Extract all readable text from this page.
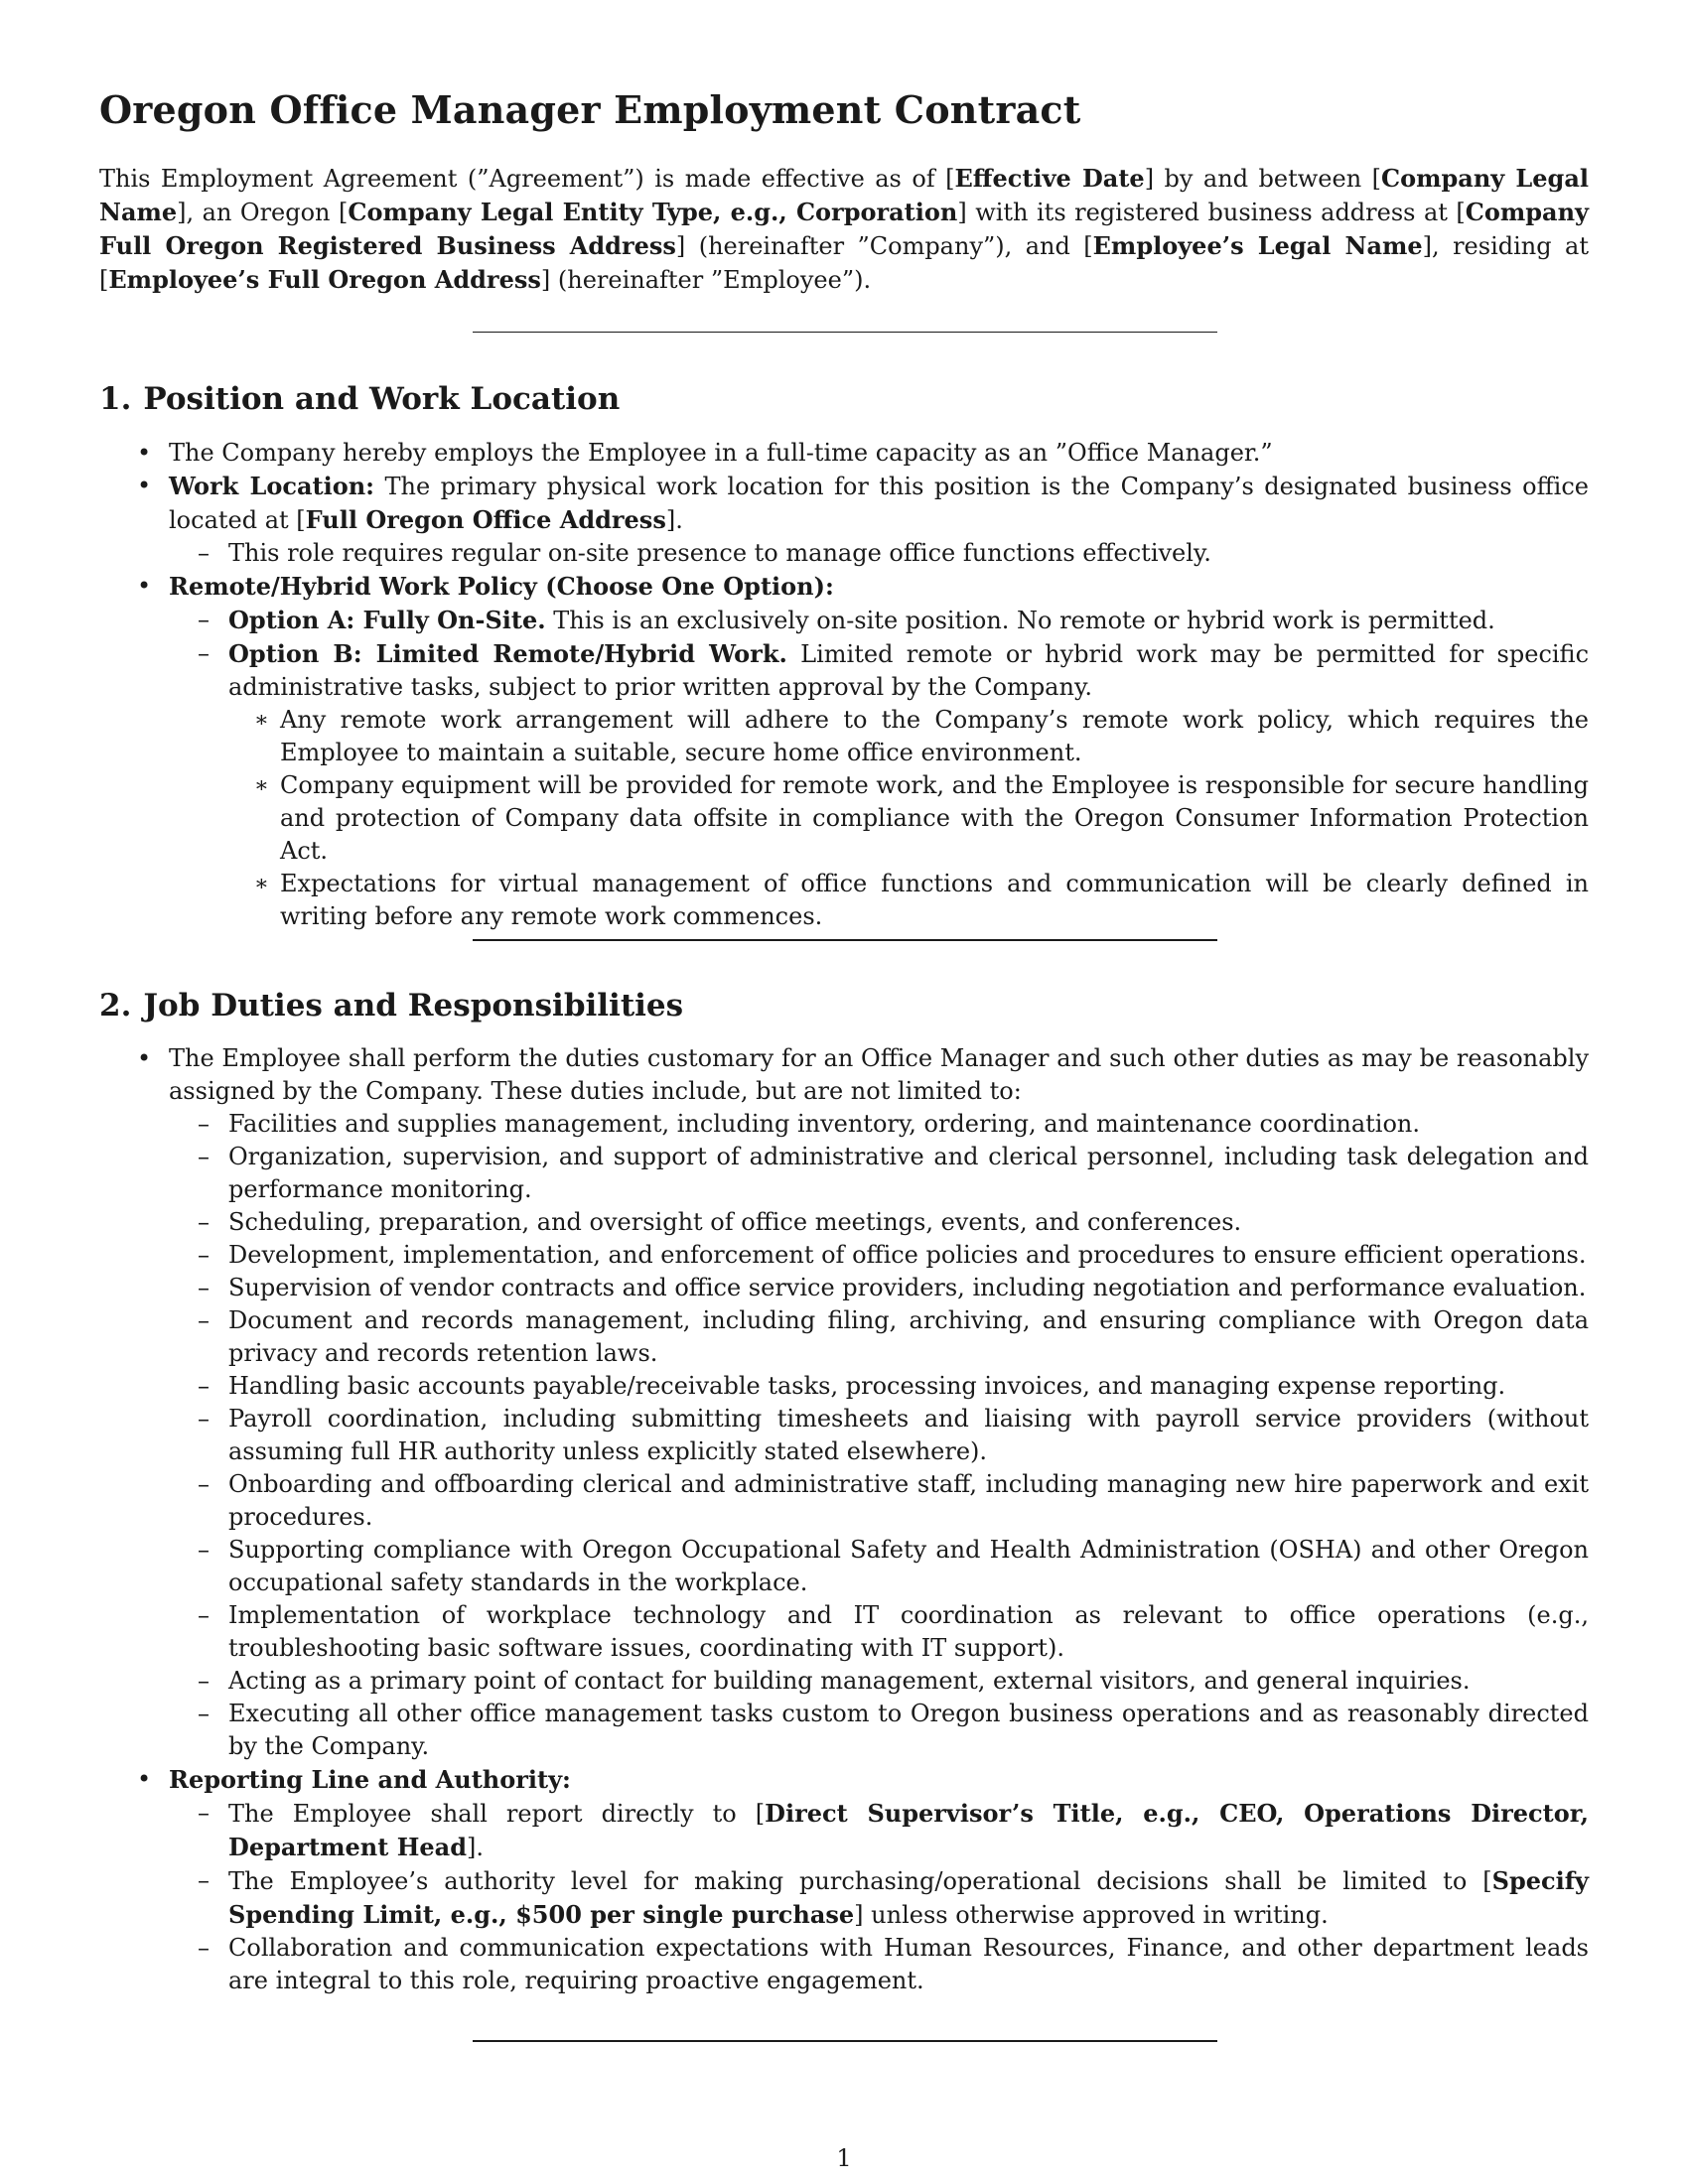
Oregon Office Manager Employment Contract

This Employment Agreement (”Agreement”) is made effective as of [Effective Date] by and between [Company Legal Name], an Oregon [Company Legal Entity Type, e.g., Corporation] with its registered business address at [Company Full Oregon Registered Business Address] (hereinafter ”Company”), and [Employee’s Legal Name], residing at [Employee’s Full Oregon Address] (hereinafter ”Employee”).

1. Position and Work Location
• The Company hereby employs the Employee in a full-time capacity as an ”Office Manager.”
• Work Location: The primary physical work location for this position is the Company’s designated business office located at [Full Oregon Office Address].
– This role requires regular on-site presence to manage office functions effectively.
• Remote/Hybrid Work Policy (Choose One Option):
– Option A: Fully On-Site. This is an exclusively on-site position. No remote or hybrid work is permitted.
– Option B: Limited Remote/Hybrid Work. Limited remote or hybrid work may be permitted for specific administrative tasks, subject to prior written approval by the Company.
∗ Any remote work arrangement will adhere to the Company’s remote work policy, which requires the Employee to maintain a suitable, secure home office environment.
∗ Company equipment will be provided for remote work, and the Employee is responsible for secure handling and protection of Company data offsite in compliance with the Oregon Consumer Information Protection Act.
∗ Expectations for virtual management of office functions and communication will be clearly defined in writing before any remote work commences.
2. Job Duties and Responsibilities
• The Employee shall perform the duties customary for an Office Manager and such other duties as may be reasonably assigned by the Company. These duties include, but are not limited to:
– Facilities and supplies management, including inventory, ordering, and maintenance coordination.
– Organization, supervision, and support of administrative and clerical personnel, including task delegation and performance monitoring.
– Scheduling, preparation, and oversight of office meetings, events, and conferences.
– Development, implementation, and enforcement of office policies and procedures to ensure efficient operations.
– Supervision of vendor contracts and office service providers, including negotiation and performance evaluation.
– Document and records management, including filing, archiving, and ensuring compliance with Oregon data privacy and records retention laws.
– Handling basic accounts payable/receivable tasks, processing invoices, and managing expense reporting.
– Payroll coordination, including submitting timesheets and liaising with payroll service providers (without assuming full HR authority unless explicitly stated elsewhere).
– Onboarding and offboarding clerical and administrative staff, including managing new hire paperwork and exit procedures.
– Supporting compliance with Oregon Occupational Safety and Health Administration (OSHA) and other Oregon occupational safety standards in the workplace.
– Implementation of workplace technology and IT coordination as relevant to office operations (e.g., troubleshooting basic software issues, coordinating with IT support).
– Acting as a primary point of contact for building management, external visitors, and general inquiries.
– Executing all other office management tasks custom to Oregon business operations and as reasonably directed by the Company.
• Reporting Line and Authority:
– The Employee shall report directly to [Direct Supervisor’s Title, e.g., CEO, Operations Director, Department Head].
– The Employee’s authority level for making purchasing/operational decisions shall be limited to [Specify Spending Limit, e.g., $500 per single purchase] unless otherwise approved in writing.
– Collaboration and communication expectations with Human Resources, Finance, and other department leads are integral to this role, requiring proactive engagement.
1
